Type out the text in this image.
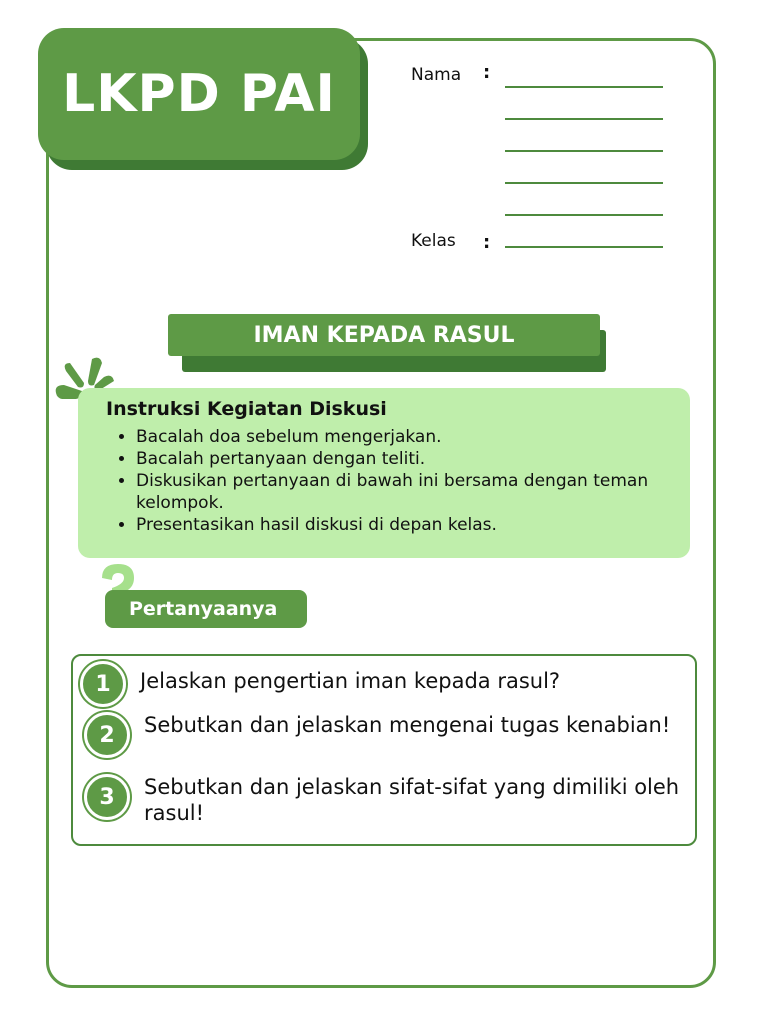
LKPD PAI	Nama :
Kelas :
IMAN KEPADA RASUL
Instruksi Kegiatan Diskusi
• Bacalah doa sebelum mengerjakan.
• Bacalah pertanyaan dengan teliti.
• Diskusikan pertanyaan di bawah ini bersama dengan teman kelompok.
• Presentasikan hasil diskusi di depan kelas.
Pertanyaanya
1	Jelaskan pengertian iman kepada rasul?
2	Sebutkan dan jelaskan mengenai tugas kenabian!
3	Sebutkan dan jelaskan sifat-sifat yang dimiliki oleh rasul!
